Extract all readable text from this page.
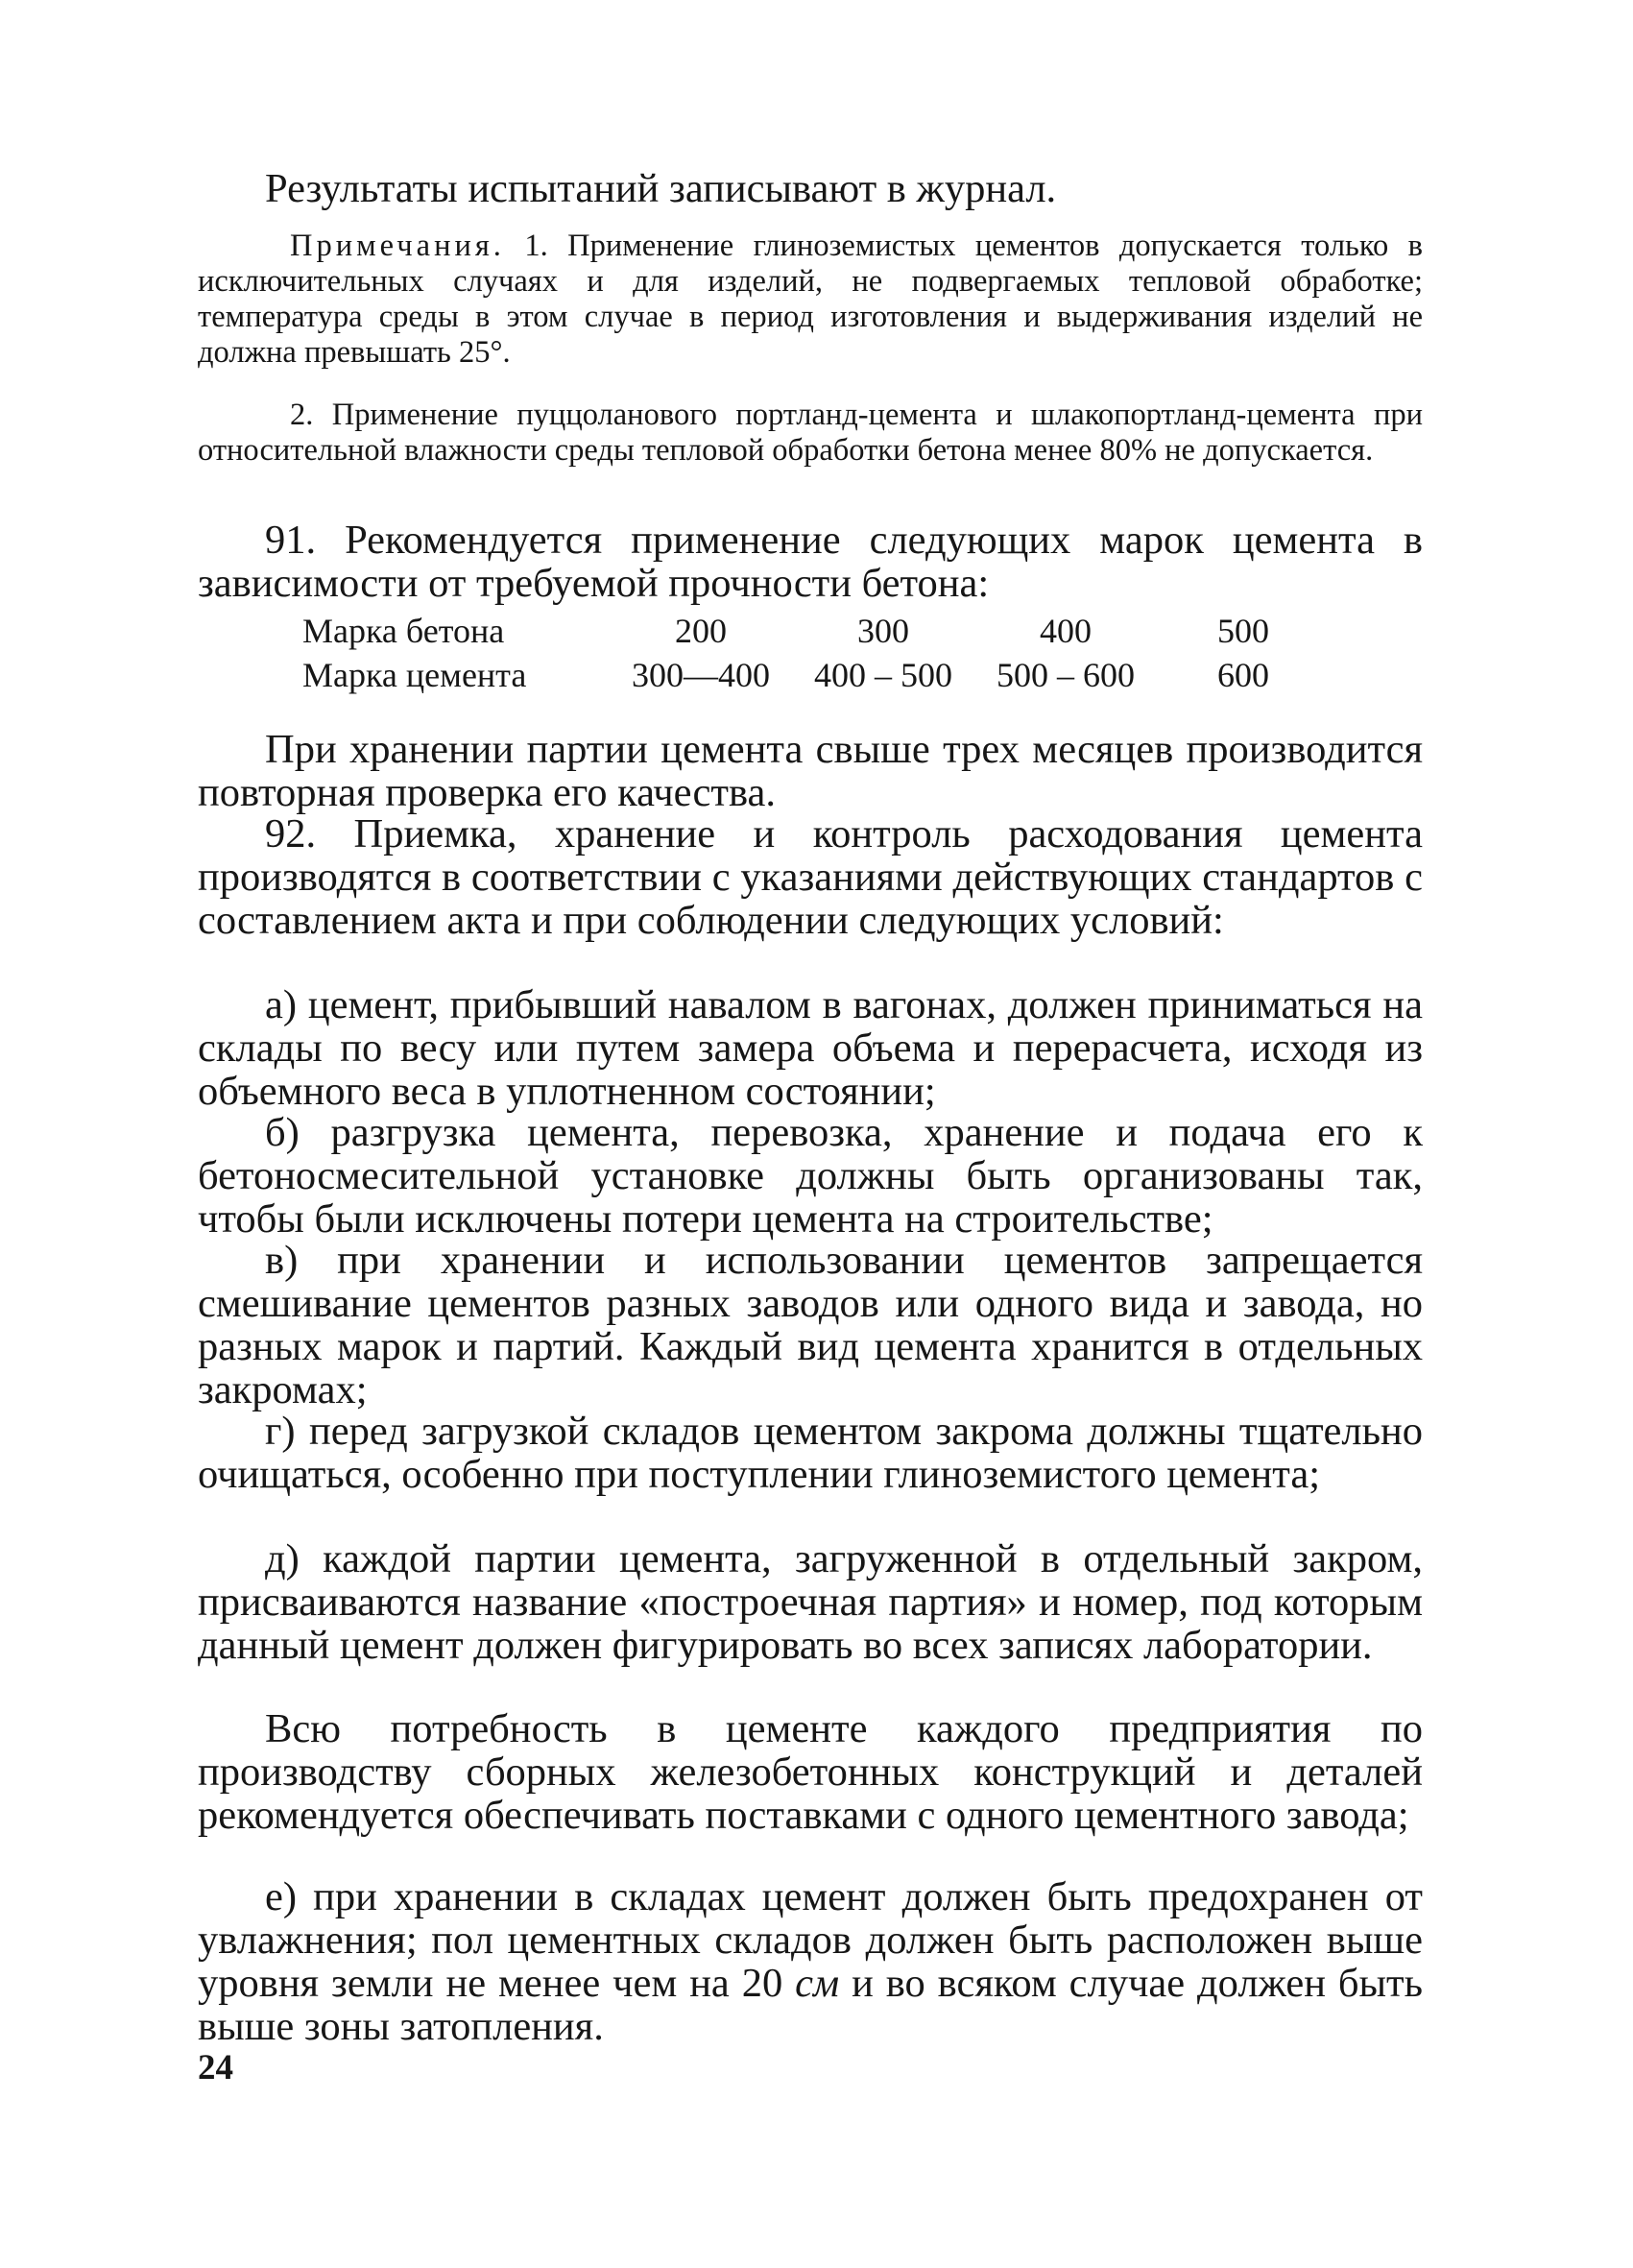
Результаты испытаний записывают в журнал.
Примечания. 1. Применение глиноземистых цементов допускается только в исключительных случаях и для изделий, не подвергаемых тепловой обработке; температура среды в этом случае в период изготовления и выдерживания изделий не должна превышать 25°.
2. Применение пуццоланового портланд-цемента и шлакопортланд-цемента при относительной влажности среды тепловой обработки бетона менее 80% не допускается.
91. Рекомендуется применение следующих марок цемента в зависимости от требуемой прочности бетона:
Марка бетона	200	300	400	500
Марка цемента	300—400	400 – 500	500 – 600	600
При хранении партии цемента свыше трех месяцев производится повторная проверка его качества.
92. Приемка, хранение и контроль расходования цемента производятся в соответствии с указаниями действующих стандартов с составлением акта и при соблюдении следующих условий:
а) цемент, прибывший навалом в вагонах, должен приниматься на склады по весу или путем замера объема и перерасчета, исходя из объемного веса в уплотненном состоянии;
б) разгрузка цемента, перевозка, хранение и подача его к бетоносмесительной установке должны быть организованы так, чтобы были исключены потери цемента на строительстве;
в) при хранении и использовании цементов запрещается смешивание цементов разных заводов или одного вида и завода, но разных марок и партий. Каждый вид цемента хранится в отдельных закромах;
г) перед загрузкой складов цементом закрома должны тщательно очищаться, особенно при поступлении глиноземистого цемента;
д) каждой партии цемента, загруженной в отдельный закром, присваиваются название «построечная партия» и номер, под которым данный цемент должен фигурировать во всех записях лаборатории.
Всю потребность в цементе каждого предприятия по производству сборных железобетонных конструкций и деталей рекомендуется обеспечивать поставками с одного цементного завода;
е) при хранении в складах цемент должен быть предохранен от увлажнения; пол цементных складов должен быть расположен выше уровня земли не менее чем на 20 см и во всяком случае должен быть выше зоны затопления.
24
